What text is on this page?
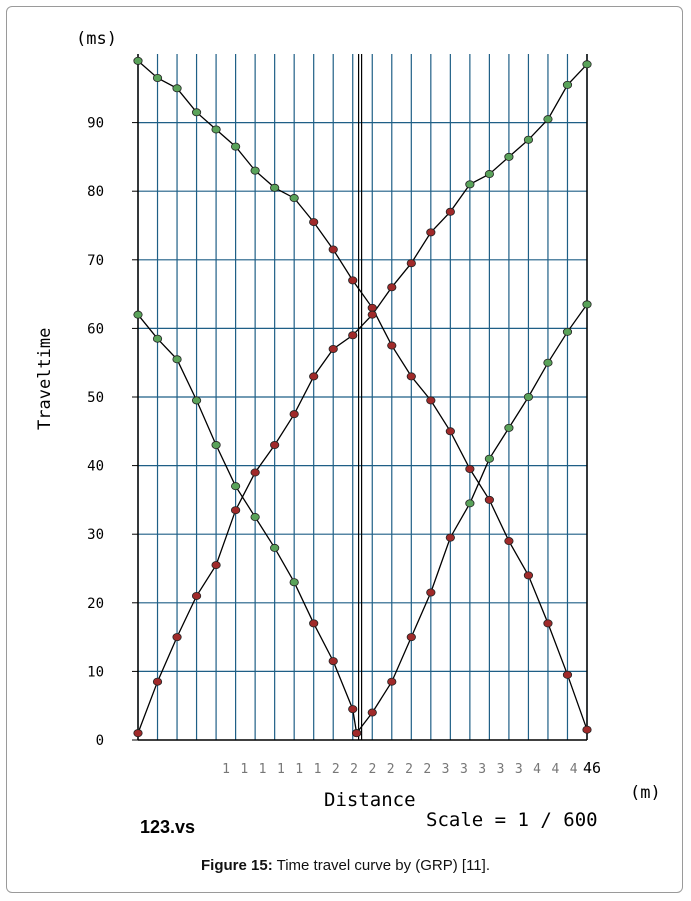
0
10
20
30
40
50
60
70
80
90
1 1 1 1 1 1 2 2 2 2 2 2 3 3 3 3 3 4 4 4 46
(ms)
Traveltime
Distance	(m)
123.vs	Scale = 1 / 600
Figure 15: Time travel curve by (GRP) [11].
